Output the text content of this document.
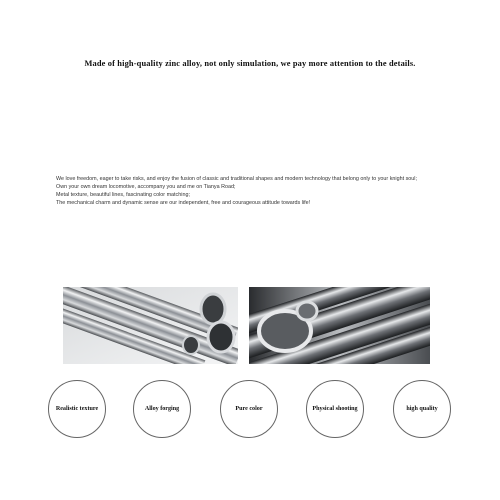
Made of high-quality zinc alloy, not only simulation, we pay more attention to the details.
We love freedom, eager to take risks, and enjoy the fusion of classic and traditional shapes and modern technology that belong only to your knight soul;
Own your own dream locomotive, accompany you and me on Tianya Road;
Metal texture, beautiful lines, fascinating color matching;
The mechanical charm and dynamic sense are our independent, free and courageous attitude towards life!
Realistic texture	Alloy forging	Pure color	Physical shooting	high quality
